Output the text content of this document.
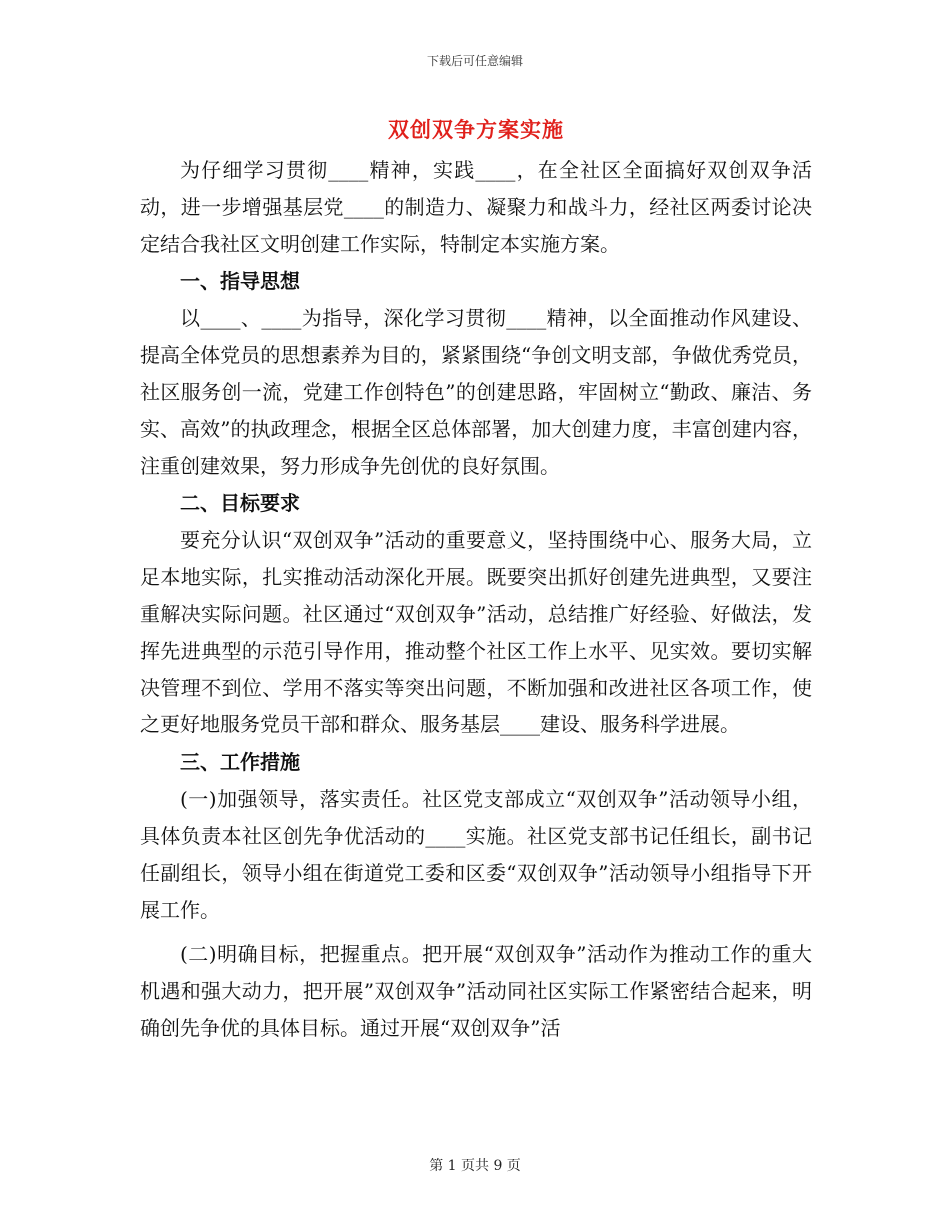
下载后可任意编辑
双创双争方案实施

为仔细学习贯彻____精神，实践____，在全社区全面搞好双创双争活动，进一步增强基层党____的制造力、凝聚力和战斗力，经社区两委讨论决定结合我社区文明创建工作实际，特制定本实施方案。

一、指导思想

以____、____为指导，深化学习贯彻____精神，以全面推动作风建设、提高全体党员的思想素养为目的，紧紧围绕“争创文明支部，争做优秀党员，社区服务创一流，党建工作创特色”的创建思路，牢固树立“勤政、廉洁、务实、高效”的执政理念，根据全区总体部署，加大创建力度，丰富创建内容，注重创建效果，努力形成争先创优的良好氛围。

二、目标要求

要充分认识“双创双争”活动的重要意义，坚持围绕中心、服务大局，立足本地实际，扎实推动活动深化开展。既要突出抓好创建先进典型，又要注重解决实际问题。社区通过“双创双争”活动，总结推广好经验、好做法，发挥先进典型的示范引导作用，推动整个社区工作上水平、见实效。要切实解决管理不到位、学用不落实等突出问题，不断加强和改进社区各项工作，使之更好地服务党员干部和群众、服务基层____建设、服务科学进展。

三、工作措施

(一)加强领导，落实责任。社区党支部成立“双创双争”活动领导小组，具体负责本社区创先争优活动的____实施。社区党支部书记任组长，副书记任副组长，领导小组在街道党工委和区委“双创双争”活动领导小组指导下开展工作。

(二)明确目标，把握重点。把开展“双创双争”活动作为推动工作的重大机遇和强大动力，把开展”双创双争”活动同社区实际工作紧密结合起来，明确创先争优的具体目标。通过开展“双创双争”活

第 1 页共 9 页
